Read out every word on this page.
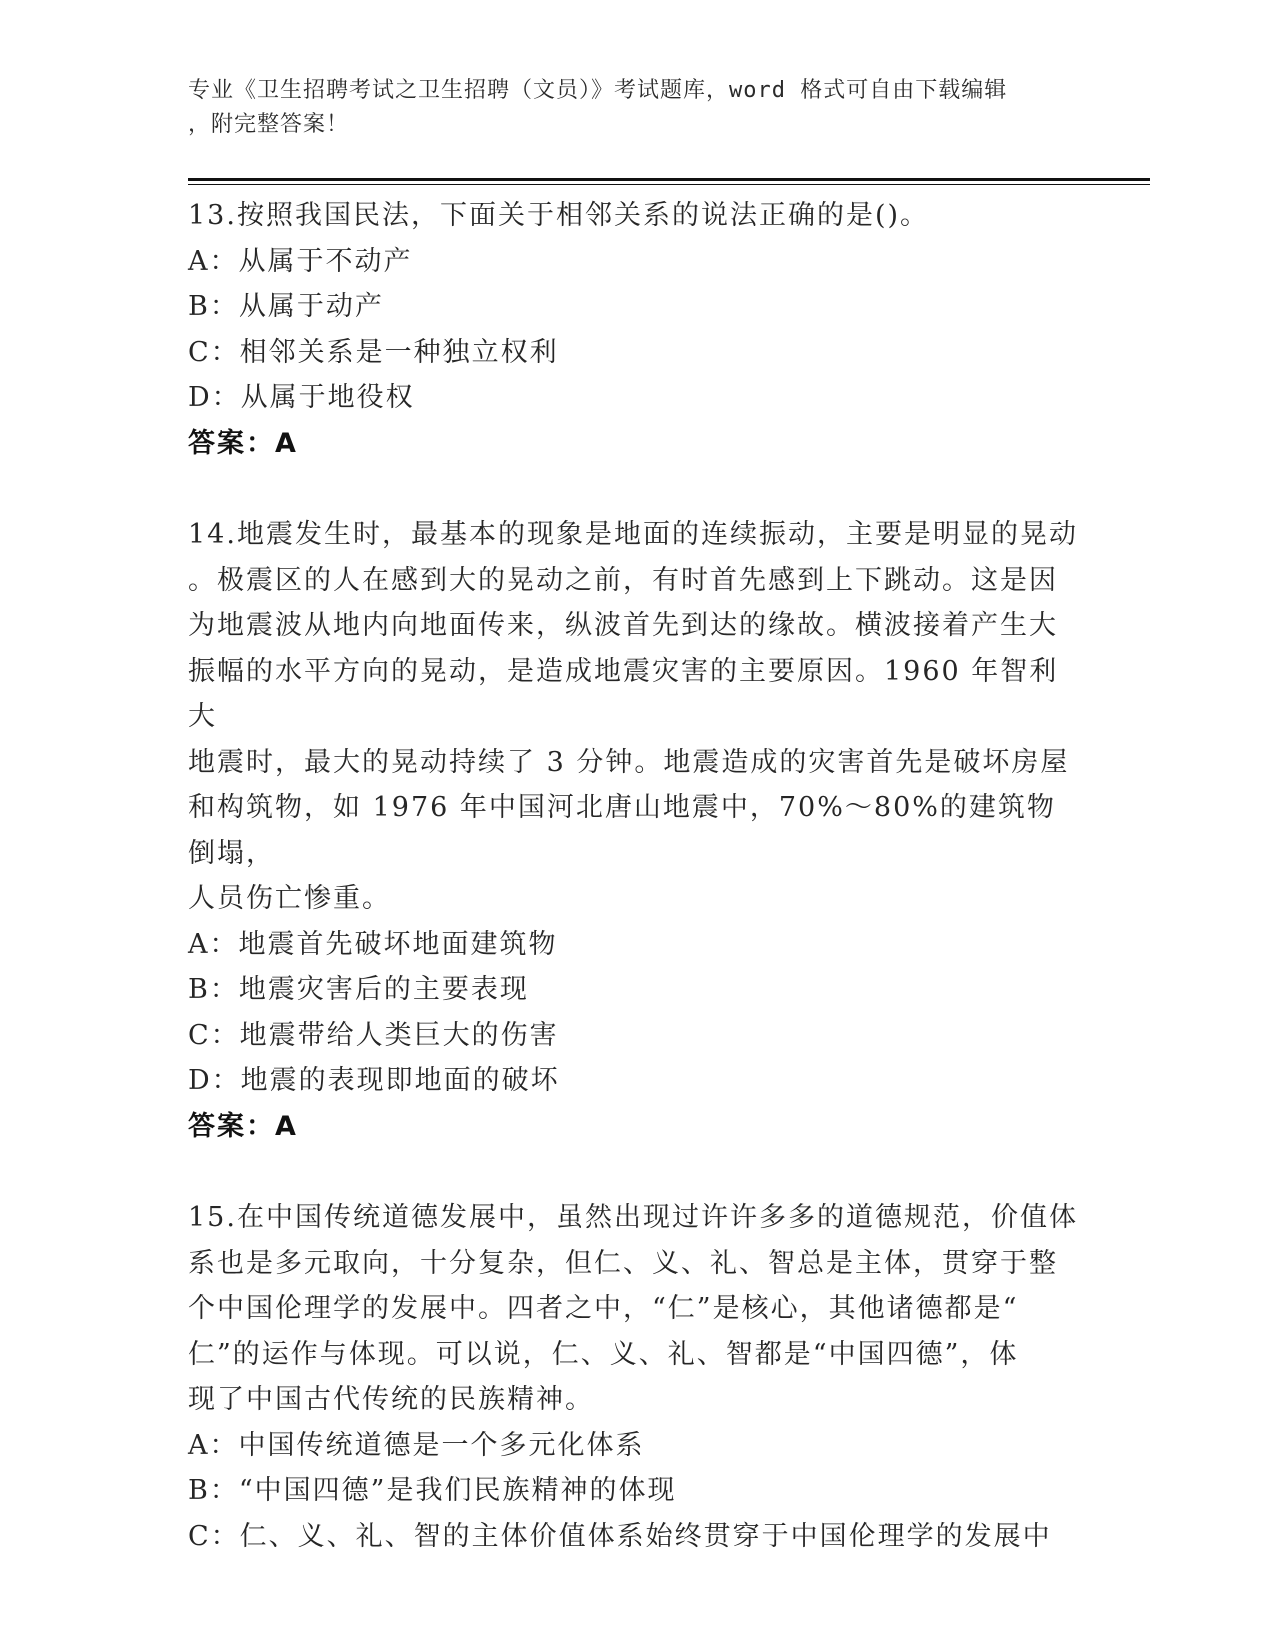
专业《卫生招聘考试之卫生招聘（文员）》考试题库，word 格式可自由下载编辑
，附完整答案！

13.按照我国民法，下面关于相邻关系的说法正确的是()。

A：从属于不动产

B：从属于动产

C：相邻关系是一种独立权利

D：从属于地役权

答案：A

14.地震发生时，最基本的现象是地面的连续振动，主要是明显的晃动

。极震区的人在感到大的晃动之前，有时首先感到上下跳动。这是因

为地震波从地内向地面传来，纵波首先到达的缘故。横波接着产生大

振幅的水平方向的晃动，是造成地震灾害的主要原因。1960 年智利大

地震时，最大的晃动持续了 3 分钟。地震造成的灾害首先是破坏房屋

和构筑物，如 1976 年中国河北唐山地震中，70%～80%的建筑物倒塌，

人员伤亡惨重。

A：地震首先破坏地面建筑物

B：地震灾害后的主要表现

C：地震带给人类巨大的伤害

D：地震的表现即地面的破坏

答案：A

15.在中国传统道德发展中，虽然出现过许许多多的道德规范，价值体

系也是多元取向，十分复杂，但仁、义、礼、智总是主体，贯穿于整

个中国伦理学的发展中。四者之中，“仁”是核心，其他诸德都是“

仁”的运作与体现。可以说，仁、义、礼、智都是“中国四德”，体

现了中国古代传统的民族精神。

A：中国传统道德是一个多元化体系

B：“中国四德”是我们民族精神的体现

C：仁、义、礼、智的主体价值体系始终贯穿于中国伦理学的发展中
